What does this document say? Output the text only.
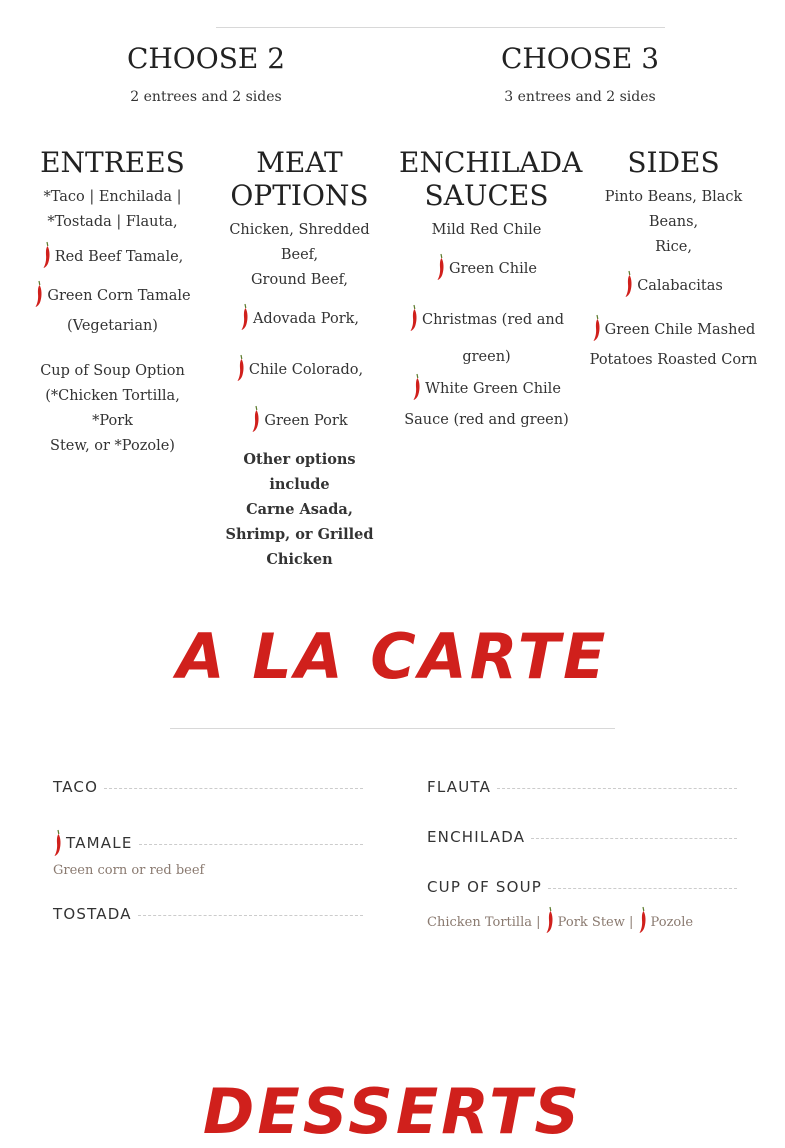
CHOOSE 2
2 entrees and 2 sides
CHOOSE 3
3 entrees and 2 sides
ENTREES
*Taco | Enchilada |
*Tostada | Flauta,
Red Beef Tamale,
Green Corn Tamale
(Vegetarian)
Cup of Soup Option
(*Chicken Tortilla, *Pork
Stew, or *Pozole)
MEAT
OPTIONS
Chicken, Shredded Beef,
Ground Beef,
Adovada Pork,
Chile Colorado,
Green Pork
Other options include
Carne Asada,
Shrimp, or Grilled
Chicken
ENCHILADA
SAUCES
Mild Red Chile
Green Chile
Christmas (red and
green)
White Green Chile
Sauce (red and green)
SIDES
Pinto Beans, Black
Beans,
Rice,
Calabacitas
Green Chile Mashed
Potatoes Roasted Corn
A LA CARTE
TACO
TAMALE
Green corn or red beef
TOSTADA
FLAUTA
ENCHILADA
CUP OF SOUP
Chicken Tortilla | Pork Stew | Pozole
DESSERTS
